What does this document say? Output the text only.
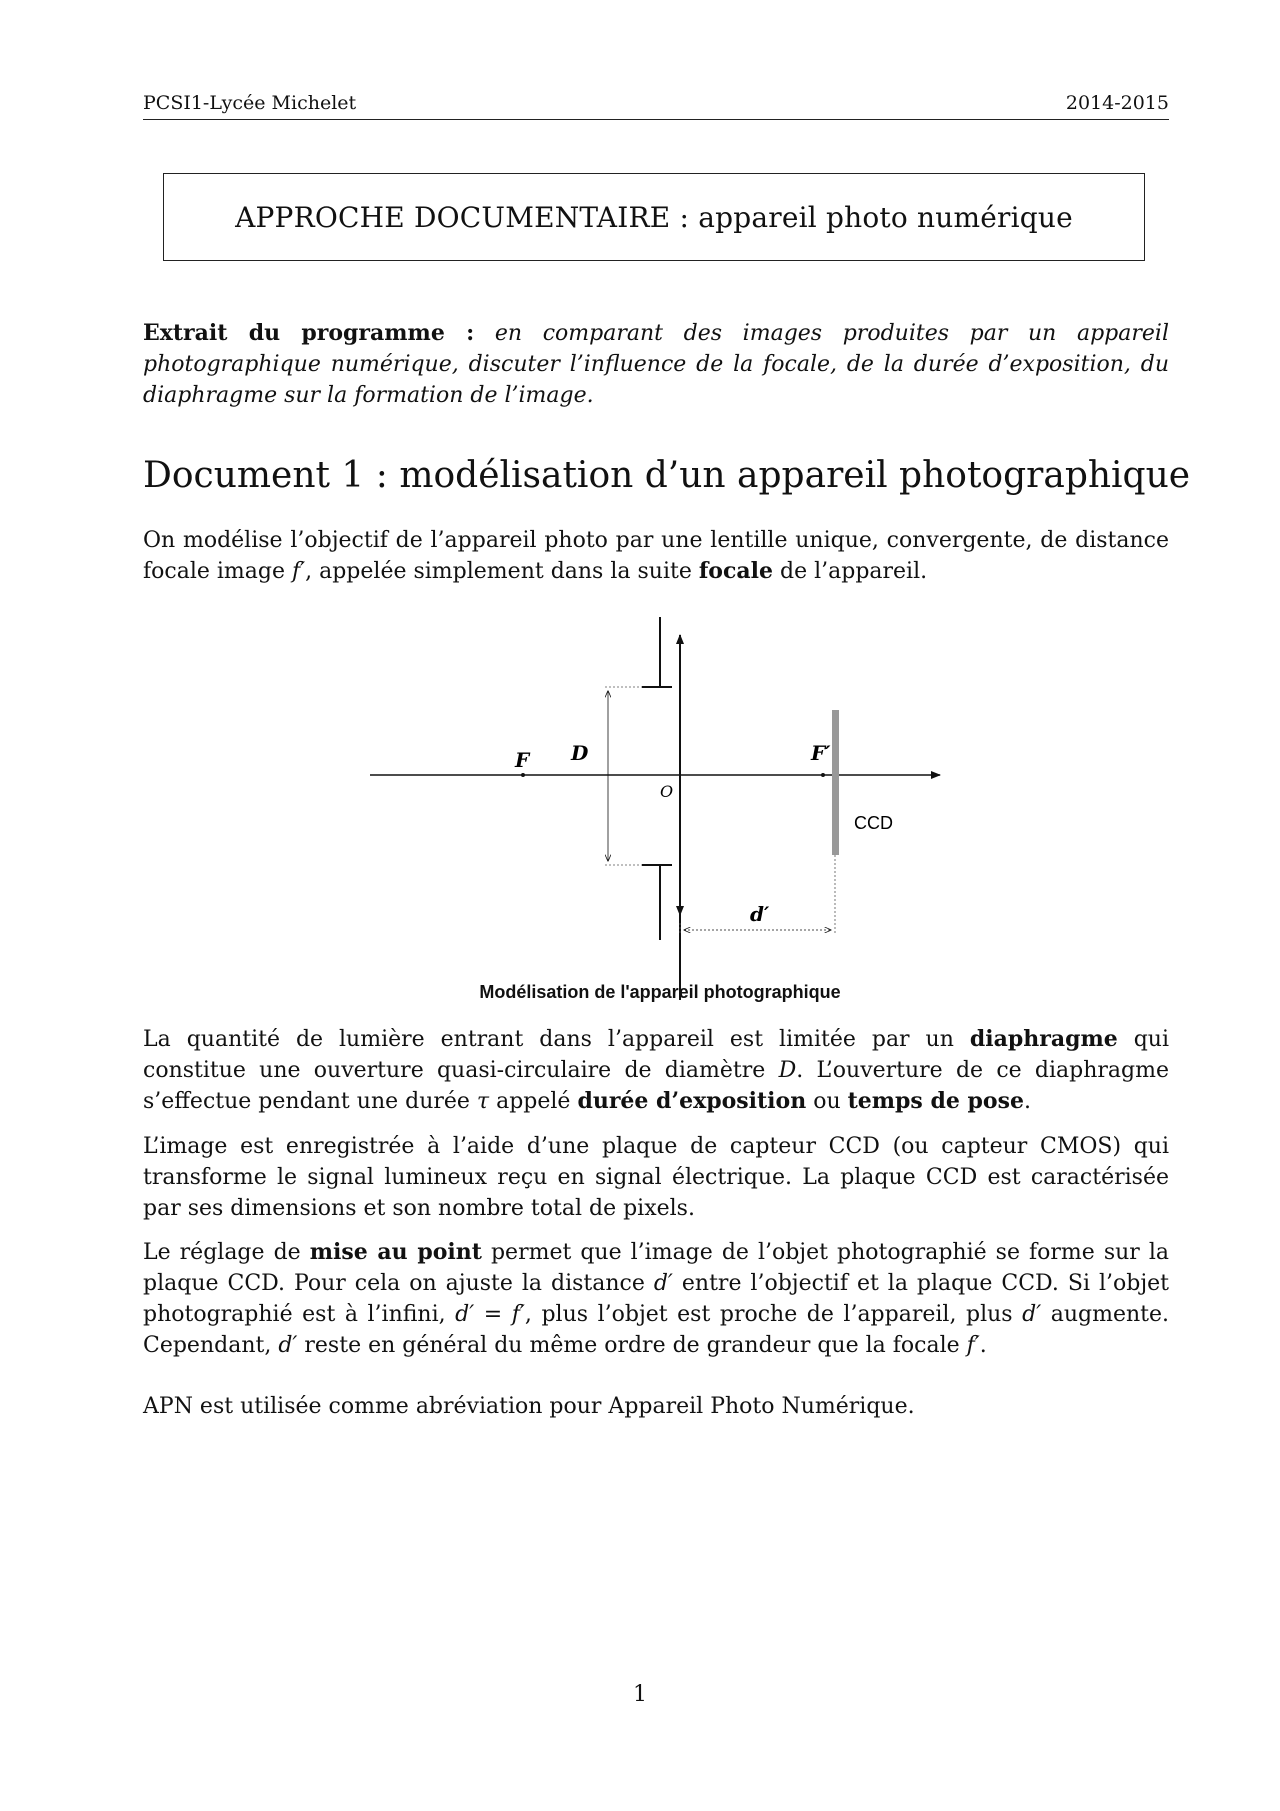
PCSI1-Lycée Michelet	2014-2015
APPROCHE DOCUMENTAIRE : appareil photo numérique
Extrait du programme : en comparant des images produites par un appareil photographique numérique, discuter l’influence de la focale, de la durée d’exposition, du diaphragme sur la formation de l’image.
Document 1 : modélisation d’un appareil photographique
On modélise l’objectif de l’appareil photo par une lentille unique, convergente, de distance focale image f′, appelée simplement dans la suite focale de l’appareil.
F D
O
F′
CCD
d′
Modélisation de l'appareil photographique
La quantité de lumière entrant dans l’appareil est limitée par un diaphragme qui constitue une ouverture quasi-circulaire de diamètre D. L’ouverture de ce diaphragme s’effectue pendant une durée τ appelé durée d’exposition ou temps de pose.
L’image est enregistrée à l’aide d’une plaque de capteur CCD (ou capteur CMOS) qui transforme le signal lumineux reçu en signal électrique. La plaque CCD est caractérisée par ses dimensions et son nombre total de pixels.
Le réglage de mise au point permet que l’image de l’objet photographié se forme sur la plaque CCD. Pour cela on ajuste la distance d′ entre l’objectif et la plaque CCD. Si l’objet photographié est à l’infini, d′ = f′, plus l’objet est proche de l’appareil, plus d′ augmente. Cependant, d′ reste en général du même ordre de grandeur que la focale f′.
APN est utilisée comme abréviation pour Appareil Photo Numérique.
1
